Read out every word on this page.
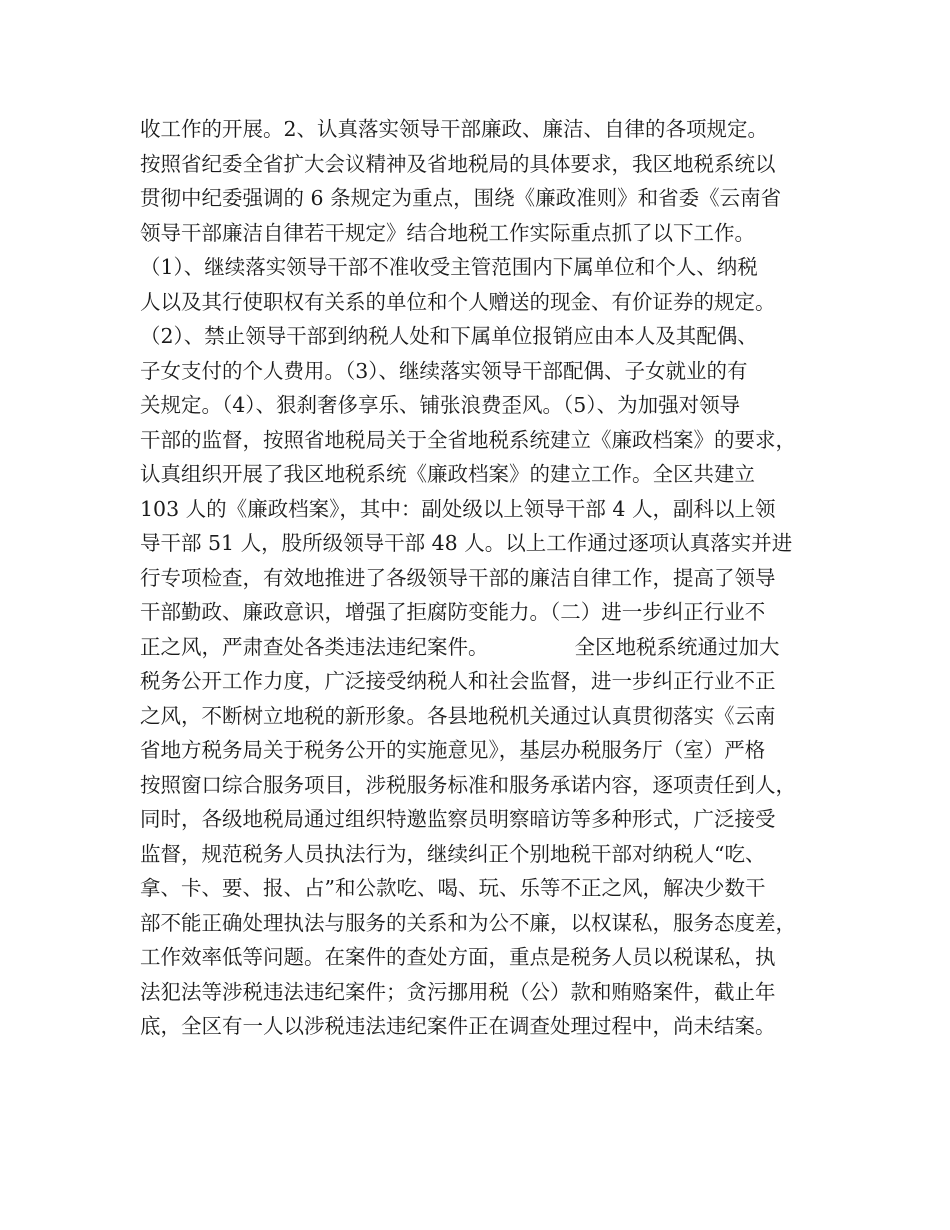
收工作的开展。2、认真落实领导干部廉政、廉洁、自律的各项规定。
按照省纪委全省扩大会议精神及省地税局的具体要求，我区地税系统以
贯彻中纪委强调的 6 条规定为重点，围绕《廉政准则》和省委《云南省
领导干部廉洁自律若干规定》结合地税工作实际重点抓了以下工作。
（1）、继续落实领导干部不准收受主管范围内下属单位和个人、纳税
人以及其行使职权有关系的单位和个人赠送的现金、有价证券的规定。
（2）、禁止领导干部到纳税人处和下属单位报销应由本人及其配偶、
子女支付的个人费用。（3）、继续落实领导干部配偶、子女就业的有
关规定。（4）、狠刹奢侈享乐、铺张浪费歪风。（5）、为加强对领导
干部的监督，按照省地税局关于全省地税系统建立《廉政档案》的要求，
认真组织开展了我区地税系统《廉政档案》的建立工作。全区共建立
103 人的《廉政档案》，其中：副处级以上领导干部 4 人，副科以上领
导干部 51 人，股所级领导干部 48 人。以上工作通过逐项认真落实并进
行专项检查，有效地推进了各级领导干部的廉洁自律工作，提高了领导
干部勤政、廉政意识，增强了拒腐防变能力。（二）进一步纠正行业不
正之风，严肃查处各类违法违纪案件。	全区地税系统通过加大
税务公开工作力度，广泛接受纳税人和社会监督，进一步纠正行业不正
之风，不断树立地税的新形象。各县地税机关通过认真贯彻落实《云南
省地方税务局关于税务公开的实施意见》，基层办税服务厅（室）严格
按照窗口综合服务项目，涉税服务标准和服务承诺内容，逐项责任到人，
同时，各级地税局通过组织特邀监察员明察暗访等多种形式，广泛接受
监督，规范税务人员执法行为，继续纠正个别地税干部对纳税人“吃、
拿、卡、要、报、占”和公款吃、喝、玩、乐等不正之风，解决少数干
部不能正确处理执法与服务的关系和为公不廉，以权谋私，服务态度差，
工作效率低等问题。在案件的查处方面，重点是税务人员以税谋私，执
法犯法等涉税违法违纪案件；贪污挪用税（公）款和贿赂案件，截止年
底，全区有一人以涉税违法违纪案件正在调查处理过程中，尚未结案。
